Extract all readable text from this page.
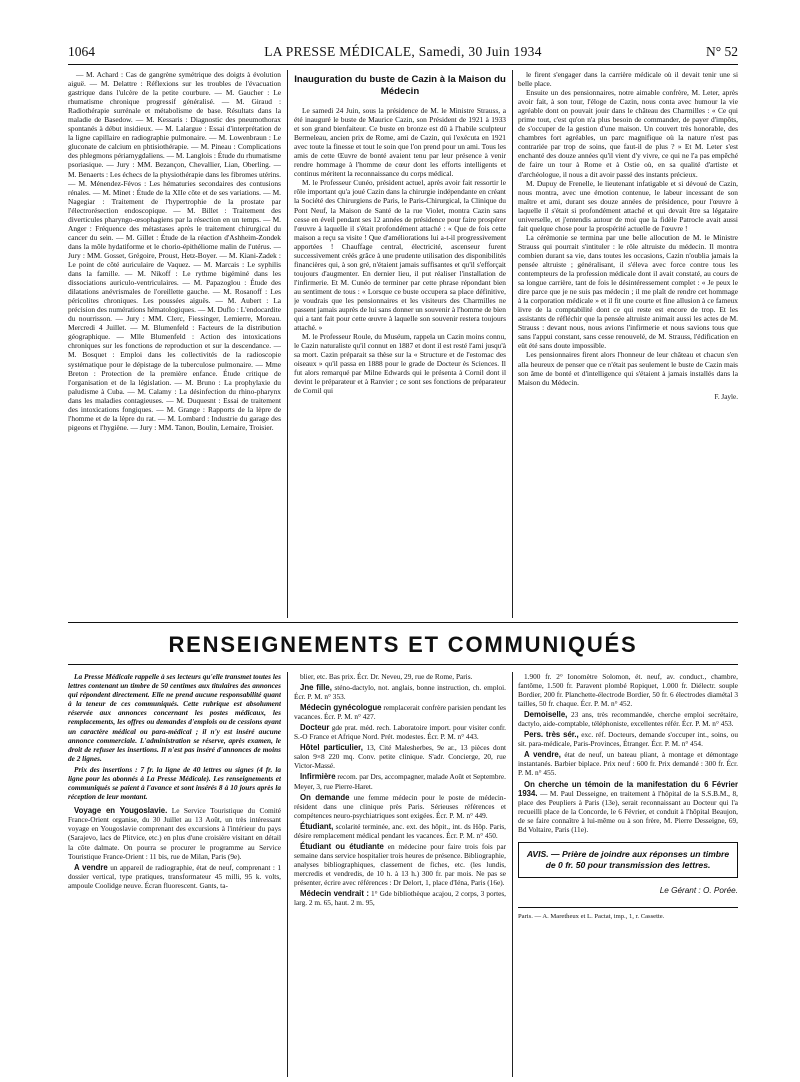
1064	LA PRESSE MÉDICALE, Samedi, 30 Juin 1934	N° 52

— M. Achard : Cas de gangrène symétrique des doigts à évolution aiguë. — M. Delattre : Réflexions sur les troubles de l'évacuation gastrique dans l'ulcère de la petite courbure. — M. Gaucher : Le rhumatisme chronique progressif généralisé. — M. Giraud : Radiothérapie surrénale et métabolisme de base. Résultats dans la maladie de Basedow. — M. Kessaris : Diagnostic des pneumothorax spontanés à début insidieux. — M. Lalargue : Essai d'interprétation de la ligne capillaire en radiographie pulmonaire. — M. Lowenbraun : Le gluconate de calcium en phtisiothérapie. — M. Pineau : Complications des phlegmons périamygdaliens. — M. Langlois : Étude du rhumatisme psoriasique. — Jury : MM. Bezançon, Chevallier, Lian, Oberling. — M. Benaerts : Les échecs de la physiothérapie dans les fibromes utérins. — M. Ménendez-Févos : Les hématuries secondaires des contusions rénales. — M. Minet : Étude de la XIIe côte et de ses variations. — M. Nagegiar : Traitement de l'hypertrophie de la prostate par l'électrorésection endoscopique. — M. Billet : Traitement des diverticules pharyngo-œsophagiens par la résection en un temps. — M. Anger : Fréquence des métastases après le traitement chirurgical du cancer du sein. — M. Gillet : Étude de la réaction d'Ashheim-Zondek dans la môle hydatiforme et le chorio-épithéliome malin de l'utérus. — Jury : MM. Gosset, Grégoire, Proust, Hetz-Boyer. — M. Kiani-Zadek : Le point de côté auriculaire de Vaquez. — M. Marcais : Le syphilis dans la famille. — M. Nikoff : Le rythme bigéminé dans les dissociations auriculo-ventriculaires. — M. Papazoglou : Étude des dilatations anévrismales de l'oreillette gauche. — M. Rosanoff : Les péricolites chroniques. Les poussées aiguës. — M. Aubert : La précision des numérations hématologiques. — M. Duflo : L'endocardite du nourrisson. — Jury : MM. Clerc, Fiessinger, Lemierre, Moreau. Mercredi 4 Juillet. — M. Blumenfeld : Facteurs de la distribution géographique. — Mlle Blumenfeld : Action des intoxications chroniques sur les fonctions de reproduction et sur la descendance. — M. Bosquet : Emploi dans les collectivités de la radioscopie systématique pour le dépistage de la tuberculose pulmonaire. — Mme Breton : Protection de la première enfance. Étude critique de l'organisation et de la législation. — M. Bruno : La prophylaxie du paludisme à Cuba. — M. Calamy : La désinfection du rhino-pharynx dans les maladies contagieuses. — M. Duquesnt : Essai de traitement des intoxications fongiques. — M. Grange : Rapports de la lèpre de l'homme et de la lèpre du rat. — M. Lombard : Industrie du garage des pigeons et l'hygiène. — Jury : MM. Tanon, Boulin, Lemaire, Troisier.

Inauguration du buste de Cazin à la Maison du Médecin

Le samedi 24 Juin, sous la présidence de M. le Ministre Strauss, a été inauguré le buste de Maurice Cazin, son Président de 1921 à 1933 et son grand bienfaiteur. Ce buste en bronze est dû à l'habile sculpteur Bermeleau, ancien prix de Rome, ami de Cazin, qui l'exécuta en 1921 avec toute la finesse et tout le soin que l'on prend pour un ami. Tous les amis de cette Œuvre de bonté avaient tenu par leur présence à venir rendre hommage à l'homme de cœur dont les efforts intelligents et continus méritent la reconnaissance du corps médical.

M. le Professeur Cunéo, président actuel, après avoir fait ressortir le rôle important qu'a joué Cazin dans la chirurgie indépendante en créant la Société des Chirurgiens de Paris, le Paris-Chirurgical, la Clinique du Pont Neuf, la Maison de Santé de la rue Violet, montra Cazin sans cesse en éveil pendant ses 12 années de présidence pour faire prospérer l'œuvre à laquelle il s'était profondément attaché : « Que de fois cette maison a reçu sa visite ! Que d'améliorations lui a-t-il progressivement apportées ! Chauffage central, électricité, ascenseur furent successivement créés grâce à une prudente utilisation des disponibilités financières qui, à son gré, n'étaient jamais suffisantes et qu'il s'efforçait toujours d'augmenter. En dernier lieu, il put réaliser l'installation de l'infirmerie. Et M. Cunéo de terminer par cette phrase répondant bien au sentiment de tous : « Lorsque ce buste occupera sa place définitive, je voudrais que les pensionnaires et les visiteurs des Charmilles ne passent jamais auprès de lui sans donner un souvenir à l'homme de bien qui a tant fait pour cette œuvre à laquelle son souvenir restera toujours attaché. »

M. le Professeur Roule, du Muséum, rappela un Cazin moins connu, le Cazin naturaliste qu'il connut en 1887 et dont il est resté l'ami jusqu'à sa mort. Cazin préparait sa thèse sur la « Structure et de l'estomac des oiseaux » qu'il passa en 1888 pour le grade de Docteur ès Sciences. Il fut alors remarqué par Milne Edwards qui le présenta à Cornil dont il devint le préparateur et à Ranvier ; ce sont ses fonctions de préparateur de Cornil qui

le firent s'engager dans la carrière médicale où il devait tenir une si belle place.

Ensuite un des pensionnaires, notre aimable confrère, M. Leter, après avoir fait, à son tour, l'éloge de Cazin, nous conta avec humour la vie agréable dont on pouvait jouir dans le château des Charmilles : « Ce qui prime tout, c'est qu'on n'a plus besoin de commander, de payer d'impôts, de s'occuper de la gestion d'une maison. Un couvert très honorable, des chambres fort agréables, un parc magnifique où la nature n'est pas contrariée par trop de soins, que faut-il de plus ? » Et M. Leter s'est enchanté des douze années qu'il vient d'y vivre, ce qui ne l'a pas empêché de faire un tour à Rome et à Ostie où, en sa qualité d'artiste et d'archéologue, il nous a dit avoir passé des instants précieux.

M. Dupuy de Frenelle, le lieutenant infatigable et si dévoué de Cazin, nous montra, avec une émotion contenue, le labeur incessant de son maître et ami, durant ses douze années de présidence, pour l'œuvre à laquelle il s'était si profondément attaché et qui devait être sa légataire universelle, et j'entendis autour de moi que la fidèle Patrocle avait aussi fait quelque chose pour la prospérité actuelle de l'œuvre !

La cérémonie se termina par une belle allocution de M. le Ministre Strauss qui pourrait s'intituler : le rôle altruiste du médecin. Il montra combien durant sa vie, dans toutes les occasions, Cazin n'oublia jamais la pensée altruiste ; généralisant, il s'éleva avec force contre tous les contempteurs de la profession médicale dont il avait constaté, au cours de sa longue carrière, tant de fois le désintéressement complet : « Je peux le dire parce que je ne suis pas médecin ; il me plaît de rendre cet hommage à la corporation médicale » et il fit une courte et fine allusion à ce fameux livre de la comptabilité dont ce qui reste est encore de trop. Et les assistants de réfléchir que la pensée altruiste animait aussi les actes de M. Strauss : devant nous, nous avions l'infirmerie et nous savions tous que sans l'appui constant, sans cesse renouvelé, de M. Strauss, l'édification en eût été sans doute impossible.

Les pensionnaires firent alors l'honneur de leur château et chacun s'en alla heureux de penser que ce n'était pas seulement le buste de Cazin mais son âme de bonté et d'intelligence qui s'étaient à jamais installés dans la Maison du Médecin.

F. Jayle.
RENSEIGNEMENTS ET COMMUNIQUÉS

La Presse Médicale rappelle à ses lecteurs qu'elle transmet toutes les lettres contenant un timbre de 50 centimes aux titulaires des annonces qui répondent directement. Elle ne prend aucune responsabilité quant à la teneur de ces communiqués. Cette rubrique est absolument réservée aux annonces concernant les postes médicaux, les remplacements, les offres ou demandes d'emplois ou de cessions ayant un caractère médical ou para-médical ; il n'y est inséré aucune annonce commerciale. L'administration se réserve, après examen, le droit de refuser les insertions. Il n'est pas inséré d'annonces de moins de 2 lignes.

Prix des insertions : 7 fr. la ligne de 40 lettres ou signes (4 fr. la ligne pour les abonnés à La Presse Médicale). Les renseignements et communiqués se paient à l'avance et sont insérés 8 à 10 jours après la réception de leur montant.

Voyage en Yougoslavie. Le Service Touristique du Comité France-Orient organise, du 30 Juillet au 13 Août, un très intéressant voyage en Yougoslavie comprenant des excursions à l'intérieur du pays (Sarajevo, lacs de Plitvice, etc.) en plus d'une croisière visitant en détail la côte dalmate. On pourra se procurer le programme au Service Touristique France-Orient : 11 bis, rue de Milan, Paris (9e).

A vendre un appareil de radiographie, état de neuf, comprenant : 1 dossier vertical, type pratiques, transformateur 45 milli, 95 k. volts, ampoule Coolidge neuve. Écran fluorescent. Gants, ta-

blier, etc. Bas prix. Écr. Dr. Neveu, 29, rue de Rome, Paris.

Jne fille, sténo-dactylo, not. anglais, bonne instruction, ch. emploi. Écr. P. M. n° 353.

Médecin gynécologue remplacerait confrère parisien pendant les vacances. Écr. P. M. n° 427.

Docteur gde prat. méd. rech. Laboratoire import. pour visiter confr. S.-O France et Afrique Nord. Prét. modestes. Écr. P. M. n° 443.

Hôtel particulier, 13, Cité Malesherbes, 9e ar., 13 pièces dont salon 9×8 220 mq. Conv. petite clinique. S'adr. Concierge, 20, rue Victor-Massé.

Infirmière recom. par Drs, accompagner, malade Août et Septembre. Meyer, 3, rue Pierre-Haret.

On demande une femme médecin pour le poste de médecin-résident dans une clinique près Paris. Sérieuses références et compétences neuro-psychiatriques sont exigées. Écr. P. M. n° 449.

Étudiant, scolarité terminée, anc. ext. des hôpit., int. ds Hôp. Paris, désire remplacement médical pendant les vacances. Écr. P. M. n° 450.

Étudiant ou étudiante en médecine pour faire trois fois par semaine dans service hospitalier trois heures de présence. Bibliographie, analyses bibliographiques, classement de fiches, etc. (les lundis, mercredis et vendredis, de 10 h. à 13 h.) 300 fr. par mois. Ne pas se présenter, écrire avec références : Dr Delort, 1, place d'Iéna, Paris (16e).

Médecin vendrait : 1° Gde bibliothèque acajou, 2 corps, 3 portes, larg. 2 m. 65, haut. 2 m. 95,

1.900 fr. 2° Ionomètre Solomon, ét. neuf, av. conduct., chambre, fantôme, 1.500 fr. Paravent plombé Ropiquet, 1.000 fr. Diélectr. souple Bordier, 200 fr. Planchette-électrode Bordier, 50 fr. 6 électrodes diamétal 3 tailles, 50 fr. chaque. Écr. P. M. n° 452.

Demoiselle, 23 ans, très recommandée, cherche emploi secrétaire, dactylo, aide-comptable, téléphoniste, excellentes référ. Écr. P. M. n° 453.

Pers. très sér., exc. réf. Docteurs, demande s'occuper int., soins, ou sit. para-médicale, Paris-Provinces, Étranger. Écr. P. M. n° 454.

A vendre, état de neuf, un bateau pliant, à montage et démontage instantanés. Barbier biplace. Prix neuf : 600 fr. Prix demandé : 300 fr. Écr. P. M. n° 455.

On cherche un témoin de la manifestation du 6 Février 1934. — M. Paul Desseigne, en traitement à l'hôpital de la S.S.B.M., 8, place des Peupliers à Paris (13e), serait reconnaissant au Docteur qui l'a recueilli place de la Concorde, le 6 Février, et conduit à l'hôpital Beaujon, de se faire connaître à lui-même ou à son frère, M. Pierre Desseigne, 69, Bd Voltaire, Paris (11e).

AVIS. — Prière de joindre aux réponses un timbre de 0 fr. 50 pour transmission des lettres.
Le Gérant : O. Porée.
Paris. — A. Maretheux et L. Pactat, imp., 1, r. Cassette.
